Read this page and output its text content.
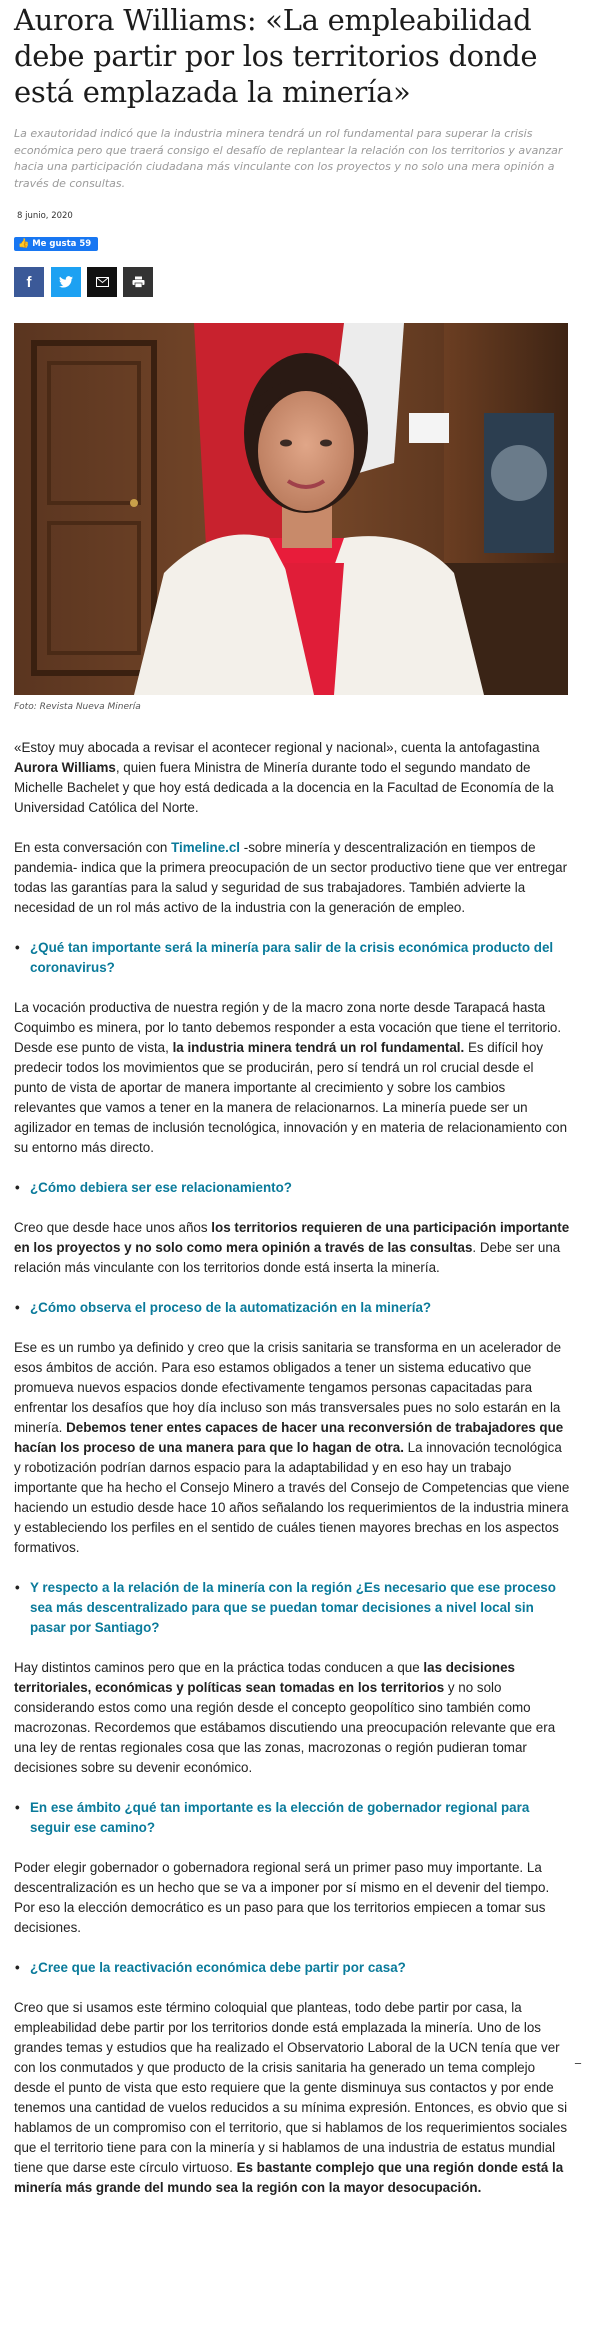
Aurora Williams: «La empleabilidad debe partir por los territorios donde está emplazada la minería»

La exautoridad indicó que la industria minera tendrá un rol fundamental para superar la crisis económica pero que traerá consigo el desafío de replantear la relación con los territorios y avanzar hacia una participación ciudadana más vinculante con los proyectos y no solo una mera opinión a través de consultas.

8 junio, 2020
👍 Me gusta 59
f
Foto: Revista Nueva Minería

«Estoy muy abocada a revisar el acontecer regional y nacional», cuenta la antofagastina Aurora Williams, quien fuera Ministra de Minería durante todo el segundo mandato de Michelle Bachelet y que hoy está dedicada a la docencia en la Facultad de Economía de la Universidad Católica del Norte.

En esta conversación con Timeline.cl -sobre minería y descentralización en tiempos de pandemia- indica que la primera preocupación de un sector productivo tiene que ver entregar todas las garantías para la salud y seguridad de sus trabajadores. También advierte la necesidad de un rol más activo de la industria con la generación de empleo.

• ¿Qué tan importante será la minería para salir de la crisis económica producto del coronavirus?

La vocación productiva de nuestra región y de la macro zona norte desde Tarapacá hasta Coquimbo es minera, por lo tanto debemos responder a esta vocación que tiene el territorio. Desde ese punto de vista, la industria minera tendrá un rol fundamental. Es difícil hoy predecir todos los movimientos que se producirán, pero sí tendrá un rol crucial desde el punto de vista de aportar de manera importante al crecimiento y sobre los cambios relevantes que vamos a tener en la manera de relacionarnos. La minería puede ser un agilizador en temas de inclusión tecnológica, innovación y en materia de relacionamiento con su entorno más directo.

• ¿Cómo debiera ser ese relacionamiento?

Creo que desde hace unos años los territorios requieren de una participación importante en los proyectos y no solo como mera opinión a través de las consultas. Debe ser una relación más vinculante con los territorios donde está inserta la minería.

• ¿Cómo observa el proceso de la automatización en la minería?

Ese es un rumbo ya definido y creo que la crisis sanitaria se transforma en un acelerador de esos ámbitos de acción. Para eso estamos obligados a tener un sistema educativo que promueva nuevos espacios donde efectivamente tengamos personas capacitadas para enfrentar los desafíos que hoy día incluso son más transversales pues no solo estarán en la minería. Debemos tener entes capaces de hacer una reconversión de trabajadores que hacían los proceso de una manera para que lo hagan de otra. La innovación tecnológica y robotización podrían darnos espacio para la adaptabilidad y en eso hay un trabajo importante que ha hecho el Consejo Minero a través del Consejo de Competencias que viene haciendo un estudio desde hace 10 años señalando los requerimientos de la industria minera y estableciendo los perfiles en el sentido de cuáles tienen mayores brechas en los aspectos formativos.

• Y respecto a la relación de la minería con la región ¿Es necesario que ese proceso sea más descentralizado para que se puedan tomar decisiones a nivel local sin pasar por Santiago?

Hay distintos caminos pero que en la práctica todas conducen a que las decisiones territoriales, económicas y políticas sean tomadas en los territorios y no solo considerando estos como una región desde el concepto geopolítico sino también como macrozonas. Recordemos que estábamos discutiendo una preocupación relevante que era una ley de rentas regionales cosa que las zonas, macrozonas o región pudieran tomar decisiones sobre su devenir económico.

• En ese ámbito ¿qué tan importante es la elección de gobernador regional para seguir ese camino?

Poder elegir gobernador o gobernadora regional será un primer paso muy importante. La descentralización es un hecho que se va a imponer por sí mismo en el devenir del tiempo. Por eso la elección democrático es un paso para que los territorios empiecen a tomar sus decisiones.

• ¿Cree que la reactivación económica debe partir por casa?

Creo que si usamos este término coloquial que planteas, todo debe partir por casa, la empleabilidad debe partir por los territorios donde está emplazada la minería. Uno de los grandes temas y estudios que ha realizado el Observatorio Laboral de la UCN tenía que ver con los conmutados y que producto de la crisis sanitaria ha generado un tema complejo desde el punto de vista que esto requiere que la gente disminuya sus contactos y por ende tenemos una cantidad de vuelos reducidos a su mínima expresión. Entonces, es obvio que si hablamos de un compromiso con el territorio, que si hablamos de los requerimientos sociales que el territorio tiene para con la minería y si hablamos de una industria de estatus mundial tiene que darse este círculo virtuoso. Es bastante complejo que una región donde está la minería más grande del mundo sea la región con la mayor desocupación.

_
